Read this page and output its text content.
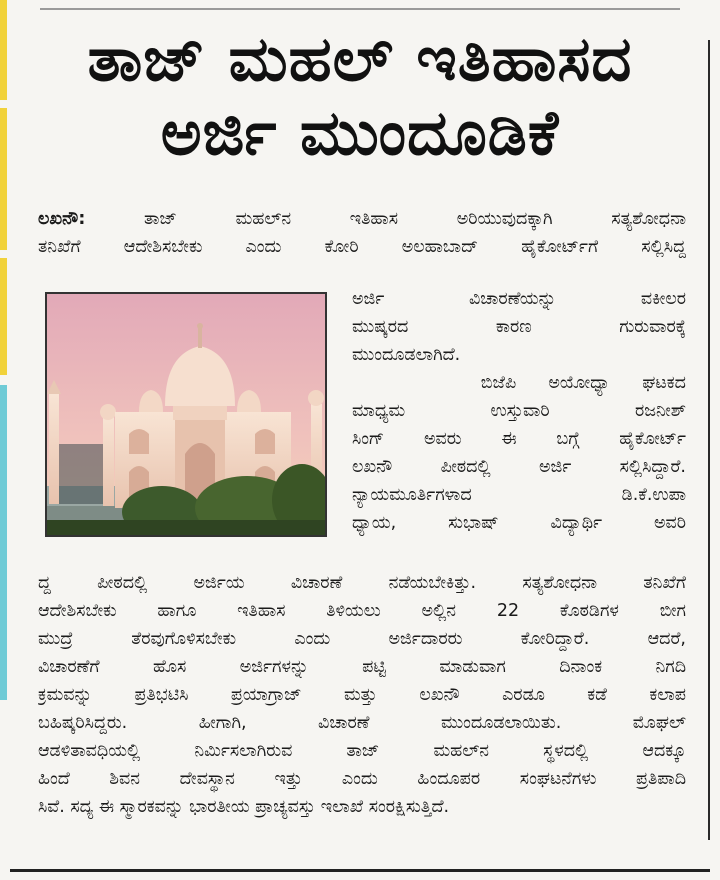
ತಾಜ್ ಮಹಲ್ ಇತಿಹಾಸದ
ಅರ್ಜಿ ಮುಂದೂಡಿಕೆ
ಲಖನೌ: ತಾಜ್ ಮಹಲ್‌ನ ಇತಿಹಾಸ ಅರಿಯುವುದಕ್ಕಾಗಿ ಸತ್ಯಶೋಧನಾ
ತನಿಖೆಗೆ ಆದೇಶಿಸಬೇಕು ಎಂದು ಕೋರಿ ಅಲಹಾಬಾದ್ ಹೈಕೋರ್ಟ್‌ಗೆ ಸಲ್ಲಿಸಿದ್ದ
ಅರ್ಜಿ ವಿಚಾರಣೆಯನ್ನು ವಕೀಲರ
ಮುಷ್ಕರದ ಕಾರಣ ಗುರುವಾರಕ್ಕೆ
ಮುಂದೂಡಲಾಗಿದೆ.
ಬಿಜೆಪಿ ಅಯೋಧ್ಯಾ ಘಟಕದ
ಮಾಧ್ಯಮ ಉಸ್ತುವಾರಿ ರಜನೀಶ್
ಸಿಂಗ್ ಅವರು ಈ ಬಗ್ಗೆ ಹೈಕೋರ್ಟ್
ಲಖನೌ ಪೀಠದಲ್ಲಿ ಅರ್ಜಿ ಸಲ್ಲಿಸಿದ್ದಾರೆ.
ನ್ಯಾಯಮೂರ್ತಿಗಳಾದ ಡಿ.ಕೆ.ಉಪಾ
ಧ್ಯಾಯ, ಸುಭಾಷ್ ವಿದ್ಯಾರ್ಥಿ ಅವರಿ
ದ್ದ ಪೀಠದಲ್ಲಿ ಅರ್ಜಿಯ ವಿಚಾರಣೆ ನಡೆಯಬೇಕಿತ್ತು. ಸತ್ಯಶೋಧನಾ ತನಿಖೆಗೆ
ಆದೇಶಿಸಬೇಕು ಹಾಗೂ ಇತಿಹಾಸ ತಿಳಿಯಲು ಅಲ್ಲಿನ 22 ಕೊಠಡಿಗಳ ಬೀಗ
ಮುದ್ರೆ ತೆರವುಗೊಳಿಸಬೇಕು ಎಂದು ಅರ್ಜಿದಾರರು ಕೋರಿದ್ದಾರೆ. ಆದರೆ,
ವಿಚಾರಣೆಗೆ ಹೊಸ ಅರ್ಜಿಗಳನ್ನು ಪಟ್ಟಿ ಮಾಡುವಾಗ ದಿನಾಂಕ ನಿಗದಿ
ಕ್ರಮವನ್ನು ಪ್ರತಿಭಟಿಸಿ ಪ್ರಯಾಗ್ರಾಜ್ ಮತ್ತು ಲಖನೌ ಎರಡೂ ಕಡೆ ಕಲಾಪ
ಬಹಿಷ್ಕರಿಸಿದ್ದರು. ಹೀಗಾಗಿ, ವಿಚಾರಣೆ ಮುಂದೂಡಲಾಯಿತು. ಮೊಘಲ್
ಆಡಳಿತಾವಧಿಯಲ್ಲಿ ನಿರ್ಮಿಸಲಾಗಿರುವ ತಾಜ್ ಮಹಲ್‌ನ ಸ್ಥಳದಲ್ಲಿ ಆದಕ್ಕೂ
ಹಿಂದೆ ಶಿವನ ದೇವಸ್ಥಾನ ಇತ್ತು ಎಂದು ಹಿಂದೂಪರ ಸಂಘಟನೆಗಳು ಪ್ರತಿಪಾದಿ
ಸಿವೆ. ಸದ್ಯ ಈ ಸ್ಮಾರಕವನ್ನು ಭಾರತೀಯ ಪ್ರಾಚ್ಯವಸ್ತು ಇಲಾಖೆ ಸಂರಕ್ಷಿಸುತ್ತಿದೆ.
